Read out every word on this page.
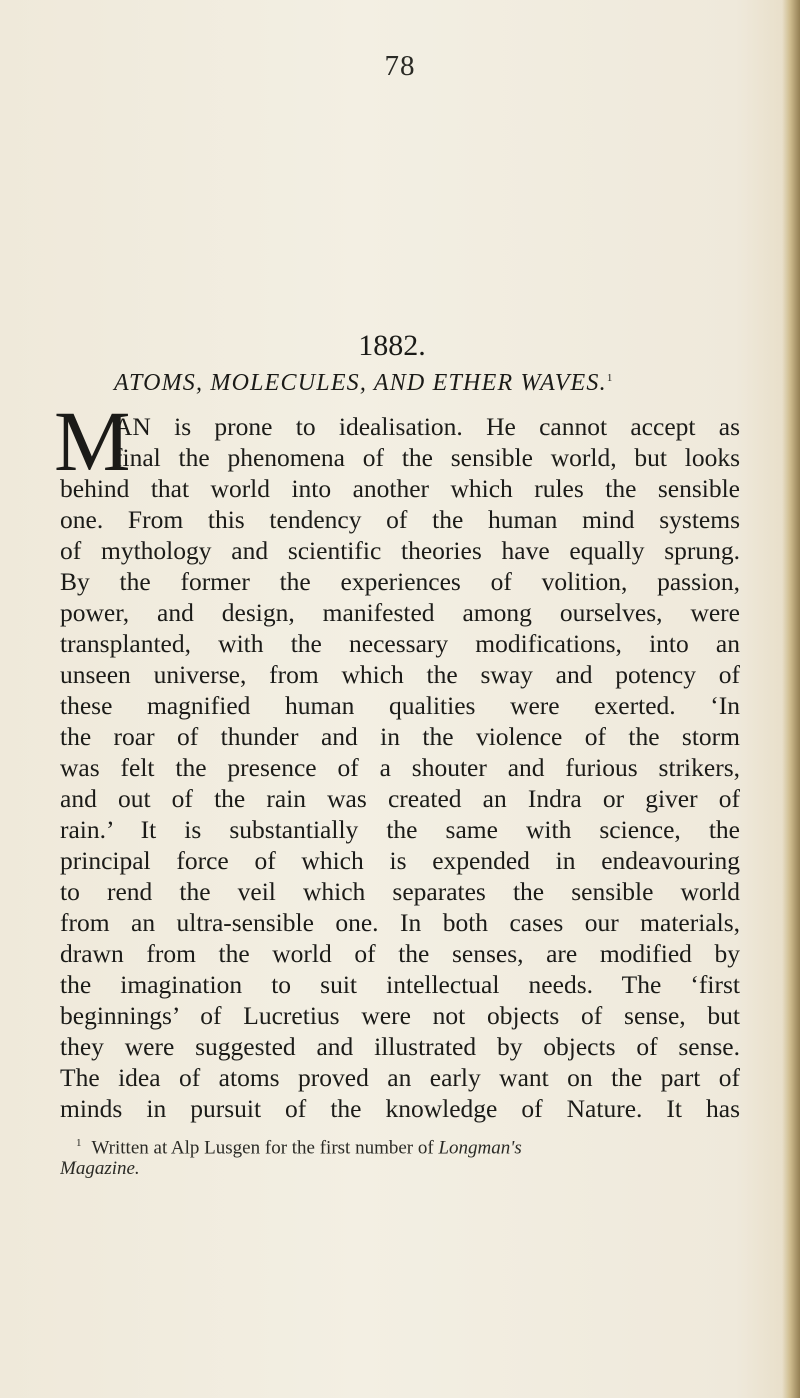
78
1882.
ATOMS, MOLECULES, AND ETHER WAVES.$^1$
M
AN is prone to idealisation. He cannot accept as
final the phenomena of the sensible world, but looks
behind that world into another which rules the sensible
one. From this tendency of the human mind systems
of mythology and scientific theories have equally sprung.
By the former the experiences of volition, passion,
power, and design, manifested among ourselves, were
transplanted, with the necessary modifications, into an
unseen universe, from which the sway and potency of
these magnified human qualities were exerted. ‘In
the roar of thunder and in the violence of the storm
was felt the presence of a shouter and furious strikers,
and out of the rain was created an Indra or giver of
rain.’ It is substantially the same with science, the
principal force of which is expended in endeavouring
to rend the veil which separates the sensible world
from an ultra-sensible one. In both cases our materials,
drawn from the world of the senses, are modified by
the imagination to suit intellectual needs. The ‘first
beginnings’ of Lucretius were not objects of sense, but
they were suggested and illustrated by objects of sense.
The idea of atoms proved an early want on the part of
minds in pursuit of the knowledge of Nature. It has
$^1$ Written at Alp Lusgen for the first number of Longman's
Magazine.
